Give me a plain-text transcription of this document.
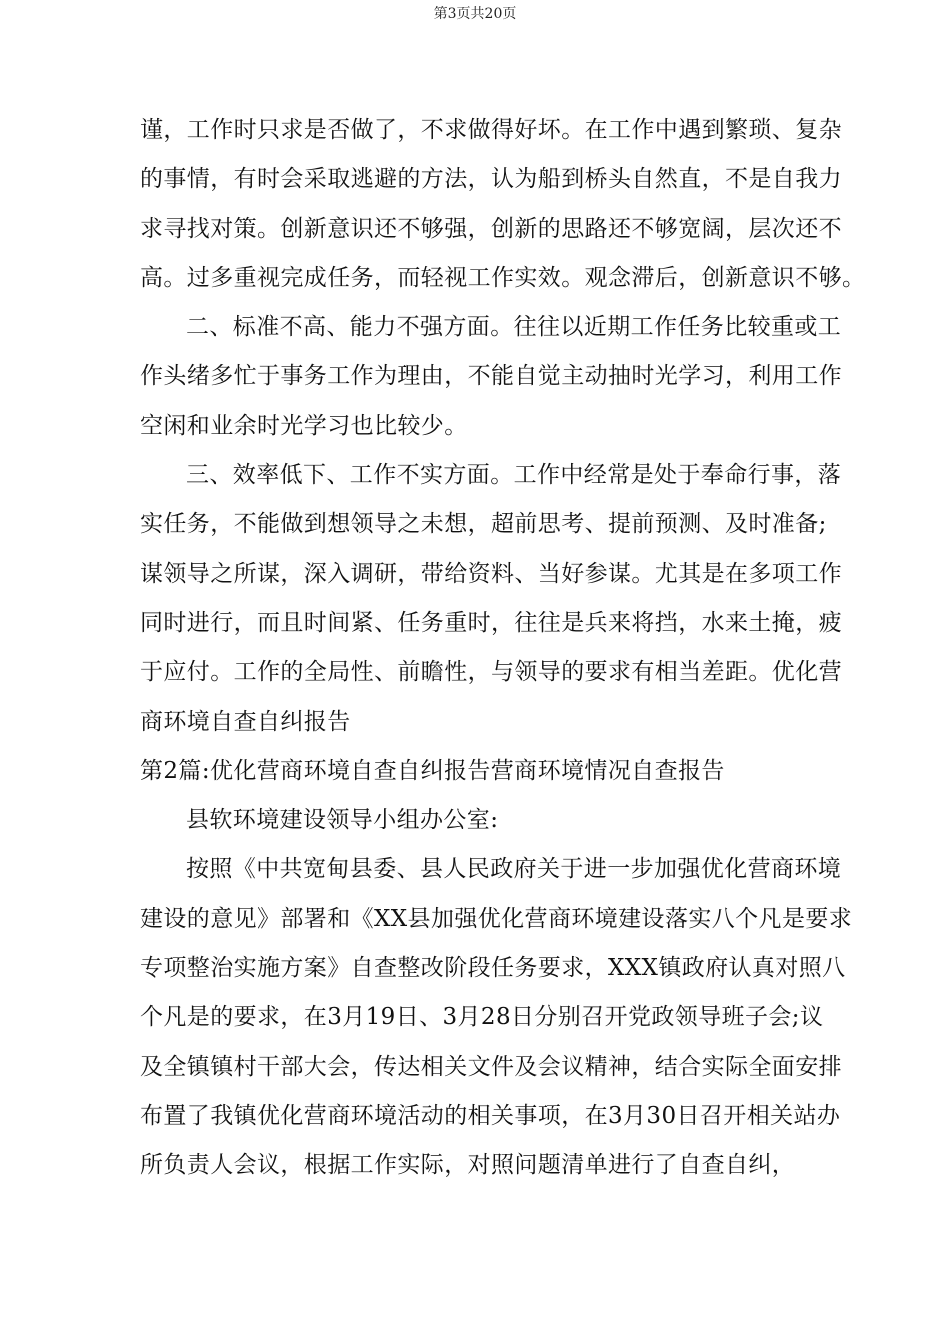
第3页共20页
谨，工作时只求是否做了，不求做得好坏。在工作中遇到繁琐、复杂
的事情，有时会采取逃避的方法，认为船到桥头自然直，不是自我力
求寻找对策。创新意识还不够强，创新的思路还不够宽阔，层次还不
高。过多重视完成任务，而轻视工作实效。观念滞后，创新意识不够。
二、标准不高、能力不强方面。往往以近期工作任务比较重或工
作头绪多忙于事务工作为理由，不能自觉主动抽时光学习，利用工作
空闲和业余时光学习也比较少。
三、效率低下、工作不实方面。工作中经常是处于奉命行事，落
实任务，不能做到想领导之未想，超前思考、提前预测、及时准备;
谋领导之所谋，深入调研，带给资料、当好参谋。尤其是在多项工作
同时进行，而且时间紧、任务重时，往往是兵来将挡，水来土掩，疲
于应付。工作的全局性、前瞻性，与领导的要求有相当差距。优化营
商环境自查自纠报告
第2篇:优化营商环境自查自纠报告营商环境情况自查报告
县软环境建设领导小组办公室:
按照《中共宽甸县委、县人民政府关于进一步加强优化营商环境
建设的意见》部署和《XX县加强优化营商环境建设落实八个凡是要求
专项整治实施方案》自查整改阶段任务要求，XXX镇政府认真对照八
个凡是的要求，在3月19日、3月28日分别召开党政领导班子会;议
及全镇镇村干部大会，传达相关文件及会议精神，结合实际全面安排
布置了我镇优化营商环境活动的相关事项，在3月30日召开相关站办
所负责人会议，根据工作实际，对照问题清单进行了自查自纠，
